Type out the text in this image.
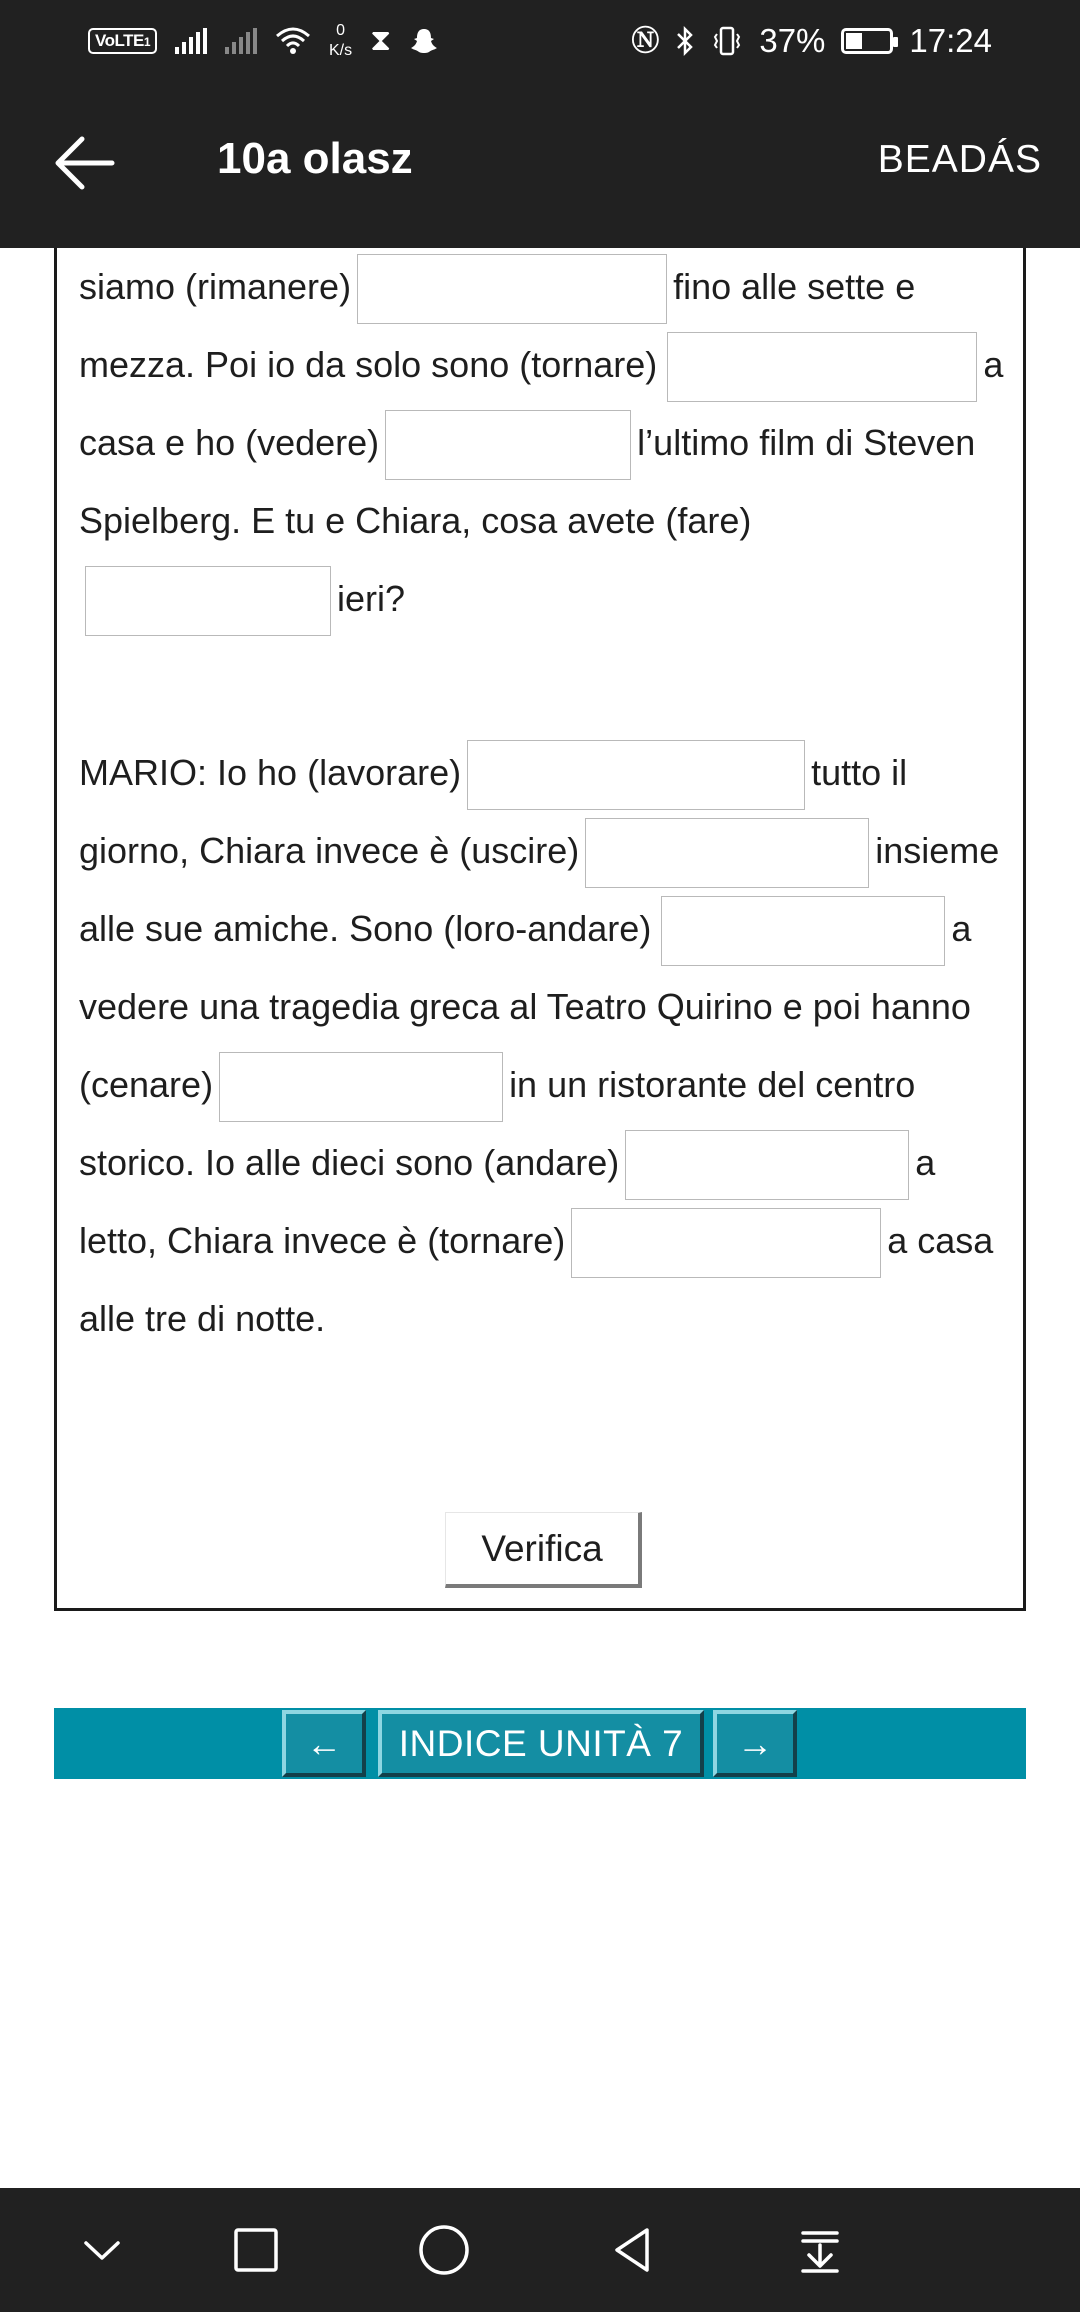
VoLTE1
0
K/s ⧗	Ⓝ	37%	17:24
10a olasz	BEADÁS
siamo (rimanere)	fino alle sette e mezza. Poi io da solo sono (tornare)	a casa e ho (vedere)	l’ultimo film di Steven Spielberg. E tu e Chiara, cosa avete (fare)ieri?
MARIO: Io ho (lavorare)	tutto il giorno, Chiara invece è (uscire)	insieme alle sue amiche. Sono (loro-andare)	a vedere una tragedia greca al Teatro Quirino e poi hanno (cenare)	in un ristorante del centro storico. Io alle dieci sono (andare)	a letto, Chiara invece è (tornare)	a casa alle tre di notte.
Verifica
←	INDICE UNITÀ 7	→
